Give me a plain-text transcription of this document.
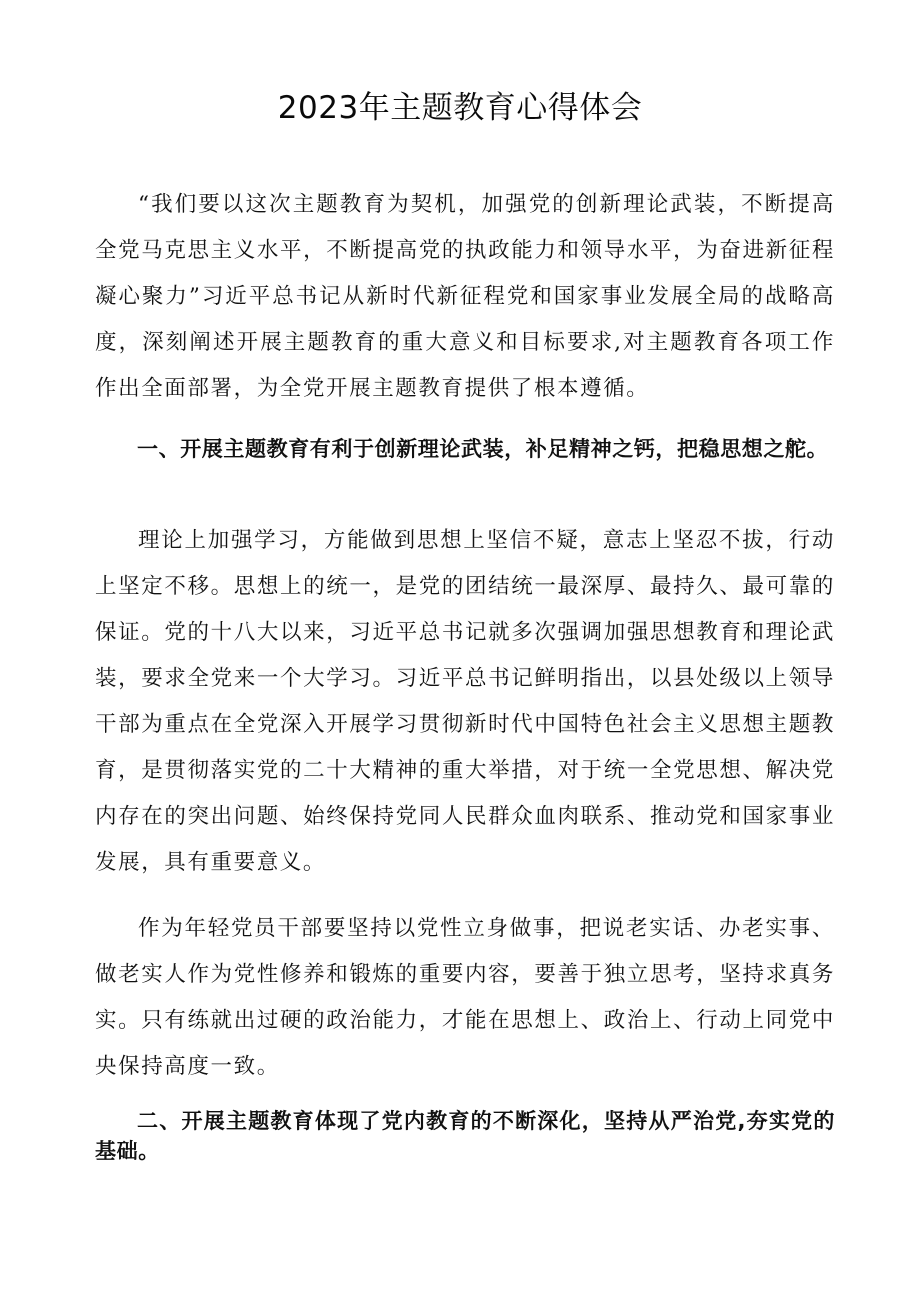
2023年主题教育心得体会

“我们要以这次主题教育为契机，加强党的创新理论武装，不断提高全党马克思主义水平，不断提高党的执政能力和领导水平，为奋进新征程凝心聚力”习近平总书记从新时代新征程党和国家事业发展全局的战略高度，深刻阐述开展主题教育的重大意义和目标要求,对主题教育各项工作作出全面部署，为全党开展主题教育提供了根本遵循。

一、开展主题教育有利于创新理论武装，补足精神之钙，把稳思想之舵。

理论上加强学习，方能做到思想上坚信不疑，意志上坚忍不拔，行动上坚定不移。思想上的统一，是党的团结统一最深厚、最持久、最可靠的保证。党的十八大以来，习近平总书记就多次强调加强思想教育和理论武装，要求全党来一个大学习。习近平总书记鲜明指出，以县处级以上领导干部为重点在全党深入开展学习贯彻新时代中国特色社会主义思想主题教育，是贯彻落实党的二十大精神的重大举措，对于统一全党思想、解决党内存在的突出问题、始终保持党同人民群众血肉联系、推动党和国家事业发展，具有重要意义。

作为年轻党员干部要坚持以党性立身做事，把说老实话、办老实事、做老实人作为党性修养和锻炼的重要内容，要善于独立思考，坚持求真务实。只有练就出过硬的政治能力，才能在思想上、政治上、行动上同党中央保持高度一致。

二、开展主题教育体现了党内教育的不断深化，坚持从严治党,夯实党的基础。
